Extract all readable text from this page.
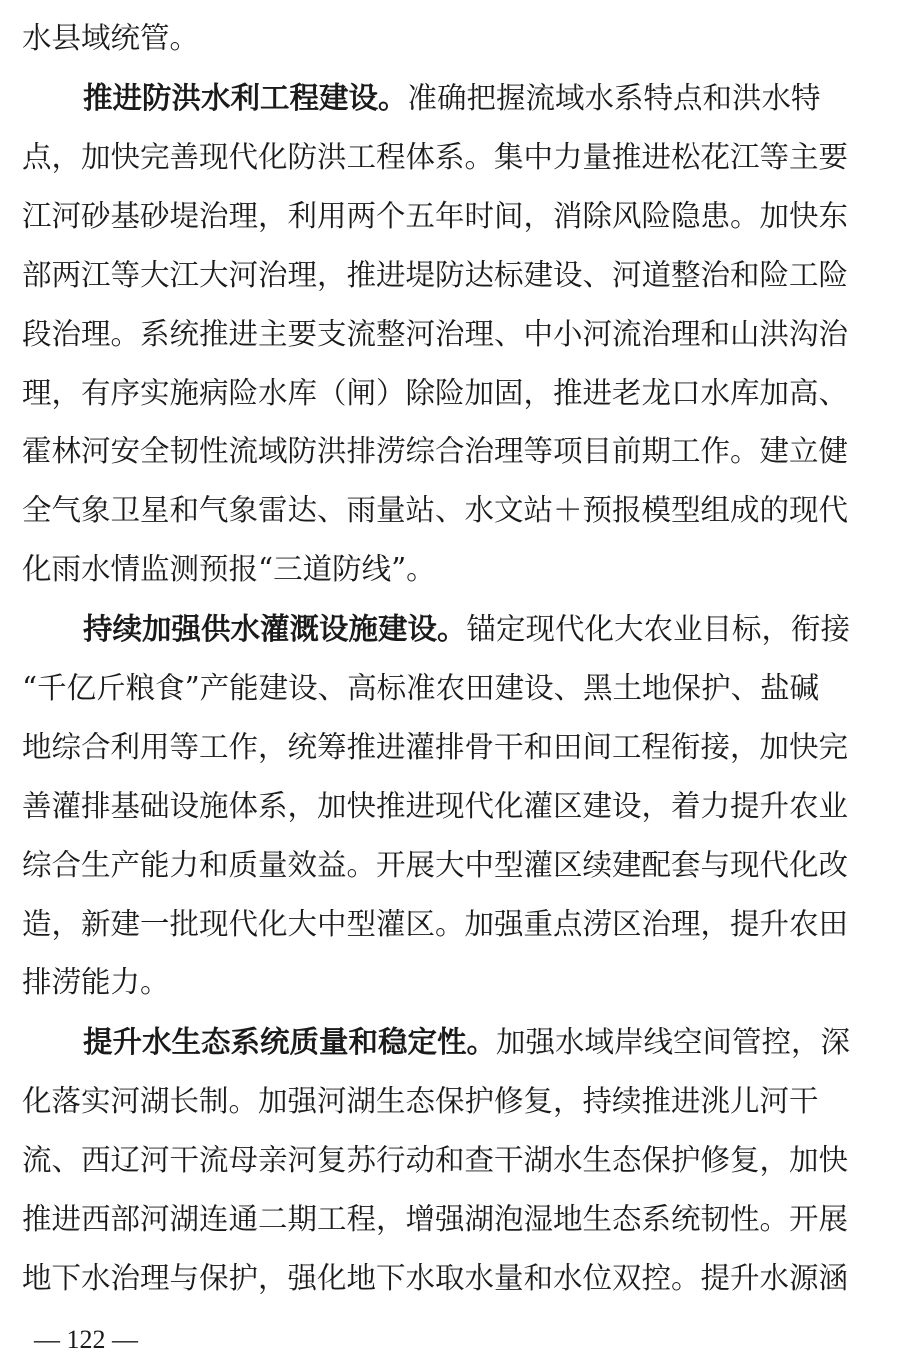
水县域统管。
推进防洪水利工程建设。准确把握流域水系特点和洪水特
点，加快完善现代化防洪工程体系。集中力量推进松花江等主要
江河砂基砂堤治理，利用两个五年时间，消除风险隐患。加快东
部两江等大江大河治理，推进堤防达标建设、河道整治和险工险
段治理。系统推进主要支流整河治理、中小河流治理和山洪沟治
理，有序实施病险水库（闸）除险加固，推进老龙口水库加高、
霍林河安全韧性流域防洪排涝综合治理等项目前期工作。建立健
全气象卫星和气象雷达、雨量站、水文站＋预报模型组成的现代
化雨水情监测预报“三道防线”。
持续加强供水灌溉设施建设。锚定现代化大农业目标，衔接
“千亿斤粮食”产能建设、高标准农田建设、黑土地保护、盐碱
地综合利用等工作，统筹推进灌排骨干和田间工程衔接，加快完
善灌排基础设施体系，加快推进现代化灌区建设，着力提升农业
综合生产能力和质量效益。开展大中型灌区续建配套与现代化改
造，新建一批现代化大中型灌区。加强重点涝区治理，提升农田
排涝能力。
提升水生态系统质量和稳定性。加强水域岸线空间管控，深
化落实河湖长制。加强河湖生态保护修复，持续推进洮儿河干
流、西辽河干流母亲河复苏行动和查干湖水生态保护修复，加快
推进西部河湖连通二期工程，增强湖泡湿地生态系统韧性。开展
地下水治理与保护，强化地下水取水量和水位双控。提升水源涵
— 122 —
